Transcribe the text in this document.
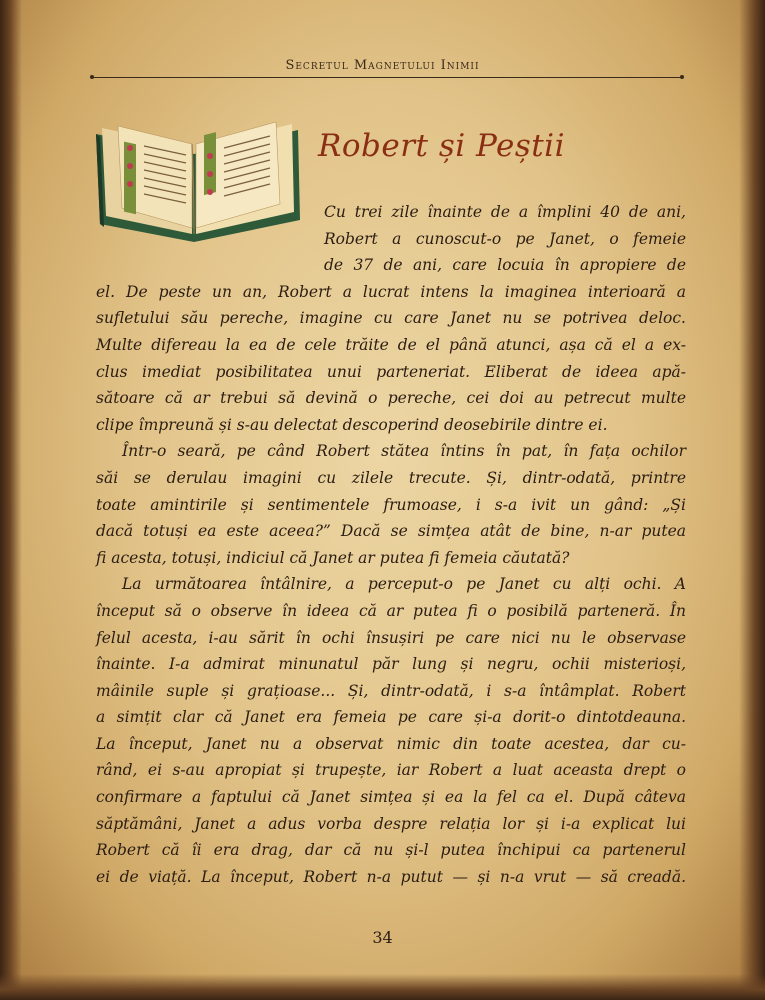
Secretul Magnetului Inimii
Robert și Peștii
Cu trei zile înainte de a împlini 40 de ani,
Robert a cunoscut-o pe Janet, o femeie
de 37 de ani, care locuia în apropiere de
el. De peste un an, Robert a lucrat intens la imaginea interioară a
sufletului său pereche, imagine cu care Janet nu se potrivea deloc.
Multe difereau la ea de cele trăite de el până atunci, așa că el a ex-
clus imediat posibilitatea unui parteneriat. Eliberat de ideea apă-
sătoare că ar trebui să devină o pereche, cei doi au petrecut multe
clipe împreună și s-au delectat descoperind deosebirile dintre ei.
Într-o seară, pe când Robert stătea întins în pat, în fața ochilor
săi se derulau imagini cu zilele trecute. Și, dintr-odată, printre
toate amintirile și sentimentele frumoase, i s-a ivit un gând: „Și
dacă totuși ea este aceea?” Dacă se simțea atât de bine, n-ar putea
fi acesta, totuși, indiciul că Janet ar putea fi femeia căutată?
La următoarea întâlnire, a perceput-o pe Janet cu alți ochi. A
început să o observe în ideea că ar putea fi o posibilă parteneră. În
felul acesta, i-au sărit în ochi însușiri pe care nici nu le observase
înainte. I-a admirat minunatul păr lung și negru, ochii misterioși,
mâinile suple și grațioase... Și, dintr-odată, i s-a întâmplat. Robert
a simțit clar că Janet era femeia pe care și-a dorit-o dintotdeauna.
La început, Janet nu a observat nimic din toate acestea, dar cu-
rând, ei s-au apropiat și trupește, iar Robert a luat aceasta drept o
confirmare a faptului că Janet simțea și ea la fel ca el. După câteva
săptămâni, Janet a adus vorba despre relația lor și i-a explicat lui
Robert că îi era drag, dar că nu și-l putea închipui ca partenerul
ei de viață. La început, Robert n-a putut — și n-a vrut — să creadă.
34
